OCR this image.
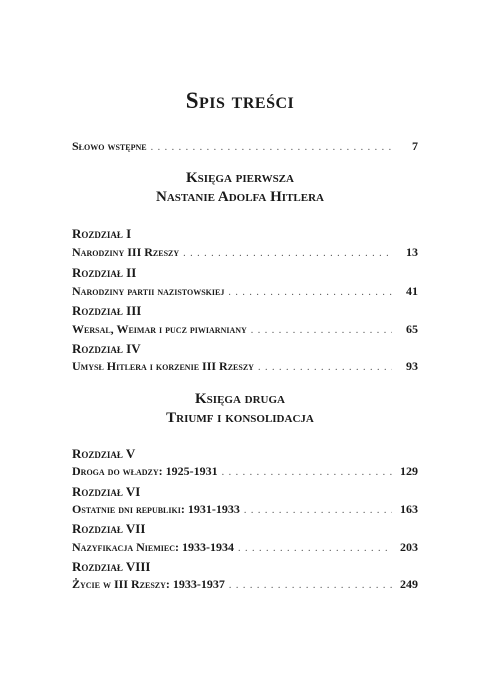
Spis treści
Słowo wstępne . . .	7
Księga pierwsza
Nastanie Adolfa Hitlera
Rozdział I
Narodziny III Rzeszy . . .	13
Rozdział II
Narodziny partii nazistowskiej . . .	41
Rozdział III
Wersal, Weimar i pucz piwiarniany . . .	65
Rozdział IV
Umysł Hitlera i korzenie III Rzeszy . . .	93
Księga druga
Triumf i konsolidacja
Rozdział V
Droga do władzy: 1925-1931 . . .	129
Rozdział VI
Ostatnie dni republiki: 1931-1933 . . .	163
Rozdział VII
Nazyfikacja Niemiec: 1933-1934 . . .	203
Rozdział VIII
Życie w III Rzeszy: 1933-1937 . . .	249
